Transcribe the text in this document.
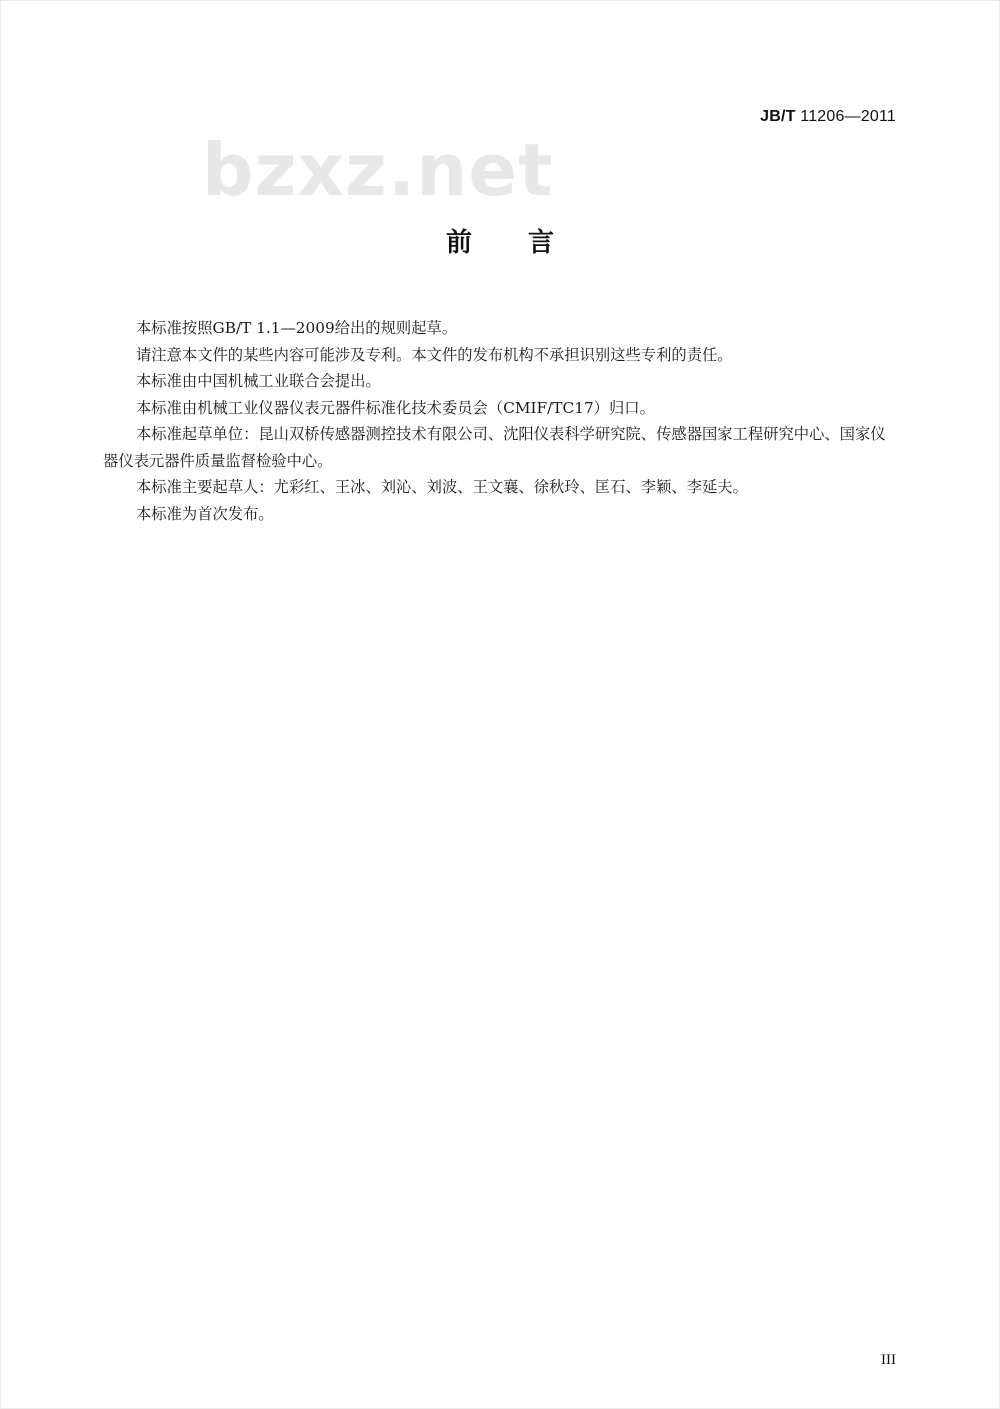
JB/T 11206—2011
bzxz.net
前言

本标准按照GB/T 1.1—2009给出的规则起草。

请注意本文件的某些内容可能涉及专利。本文件的发布机构不承担识别这些专利的责任。

本标准由中国机械工业联合会提出。

本标准由机械工业仪器仪表元器件标准化技术委员会（CMIF/TC17）归口。

本标准起草单位：昆山双桥传感器测控技术有限公司、沈阳仪表科学研究院、传感器国家工程研究中心、国家仪器仪表元器件质量监督检验中心。

本标准主要起草人：尤彩红、王冰、刘沁、刘波、王文襄、徐秋玲、匡石、李颖、李延夫。

本标准为首次发布。

III
